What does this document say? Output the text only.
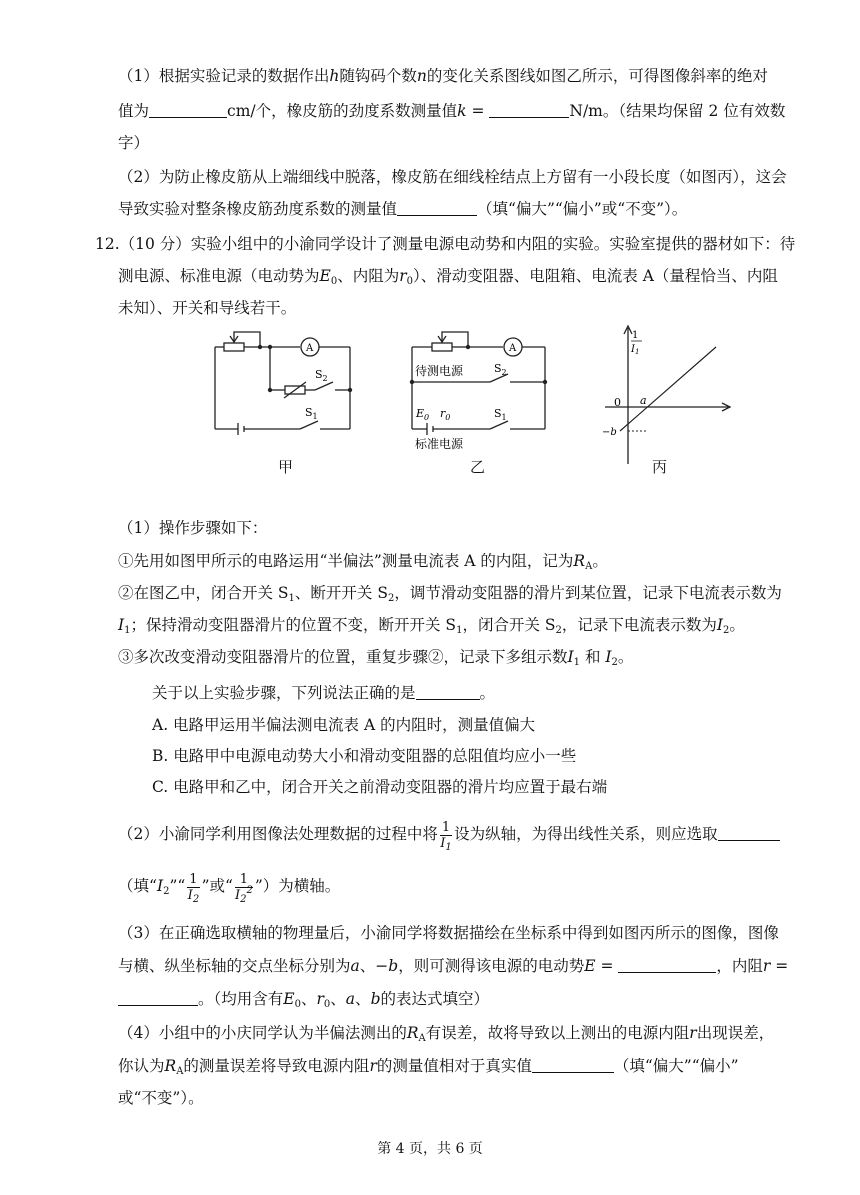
（1）根据实验记录的数据作出h随钩码个数n的变化关系图线如图乙所示，可得图像斜率的绝对
值为	cm/个，橡皮筋的劲度系数测量值k =	N/m。（结果均保留 2 位有效数
字）
（2）为防止橡皮筋从上端细线中脱落，橡皮筋在细线栓结点上方留有一小段长度（如图丙），这会
导致实验对整条橡皮筋劲度系数的测量值	（填“偏大”“偏小”或“不变”）。
12.（10 分）实验小组中的小渝同学设计了测量电源电动势和内阻的实验。实验室提供的器材如下：待
测电源、标准电源（电动势为$E_0$、内阻为$r_0$）、滑动变阻器、电阻箱、电流表 A（量程恰当、内阻
未知）、开关和导线若干。
A
$S_2$
$S_1$
A
待测电源	$S_2$
$E_0$ $r_0$	$S_1$
标准电源
1
$I_1$
0 a
−b
甲	乙	丙
（1）操作步骤如下：
①先用如图甲所示的电路运用“半偏法”测量电流表 A 的内阻，记为$R_A$。
②在图乙中，闭合开关 $S_1$、断开开关 $S_2$，调节滑动变阻器的滑片到某位置，记录下电流表示数为
$I_1$；保持滑动变阻器滑片的位置不变，断开开关 $S_1$，闭合开关 $S_2$，记录下电流表示数为$I_2$。
③多次改变滑动变阻器滑片的位置，重复步骤②，记录下多组示数$I_1$ 和 $I_2$。
关于以上实验步骤，下列说法正确的是	。
A. 电路甲运用半偏法测电流表 A 的内阻时，测量值偏大
B. 电路甲中电源电动势大小和滑动变阻器的总阻值均应小一些
C. 电路甲和乙中，闭合开关之前滑动变阻器的滑片均应置于最右端
（2）小渝同学利用图像法处理数据的过程中将 $\frac{1}{I_1}$ 设为纵轴，为得出线性关系，则应选取
（填“$I_2”“ \frac{1}{I_2}$ ”或“ $\frac{1}{I_2^2}$ ”）为横轴。
（3）在正确选取横轴的物理量后，小渝同学将数据描绘在坐标系中得到如图丙所示的图像，图像
与横、纵坐标轴的交点坐标分别为a、−b，则可测得该电源的电动势E =	，内阻r =
。（均用含有$E_0$、$r_0$、a、b的表达式填空）
（4）小组中的小庆同学认为半偏法测出的$R_A$有误差，故将导致以上测出的电源内阻r出现误差，
你认为$R_A$的测量误差将导致电源内阻r的测量值相对于真实值	（填“偏大”“偏小”
或“不变”）。
第 4 页，共 6 页
